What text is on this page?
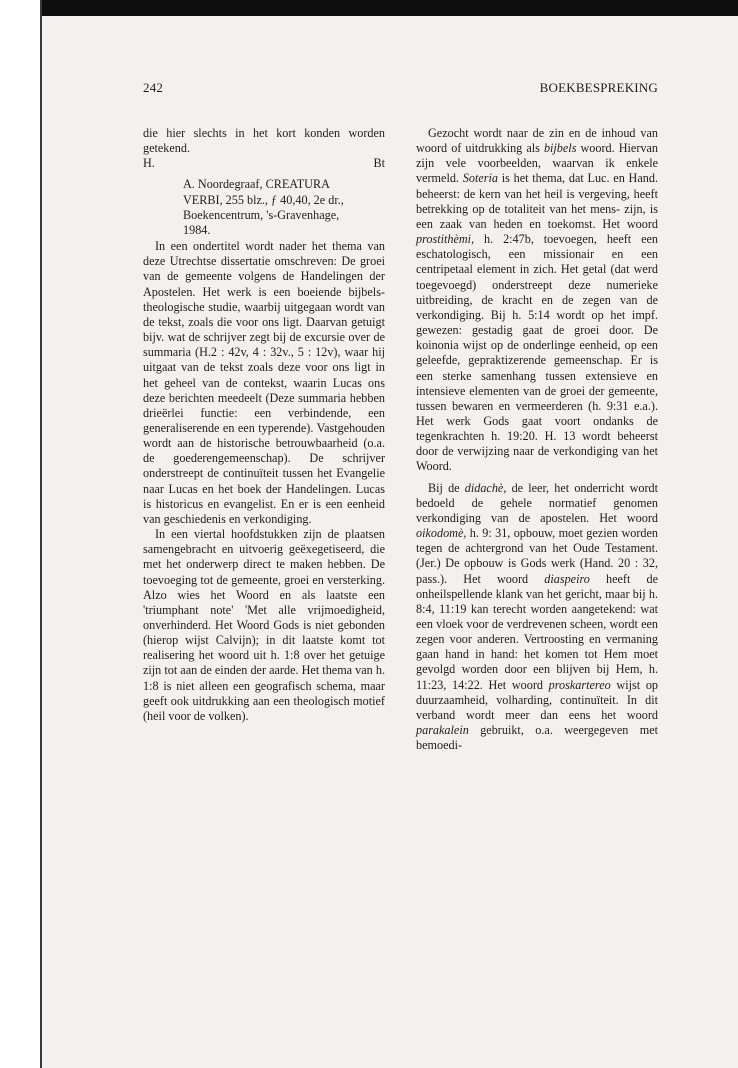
242	BOEKBESPREKING

die hier slechts in het kort konden worden getekend.

H.	Bt
A. Noordegraaf, CREATURA
VERBI, 255 blz., ƒ 40,40, 2e dr.,
Boekencentrum, 's-Gravenhage,
1984.

In een ondertitel wordt nader het thema van deze Utrechtse dissertatie omschreven: De groei van de gemeente volgens de Handelingen der Apostelen. Het werk is een boeiende bijbels-theologische studie, waarbij uitgegaan wordt van de tekst, zoals die voor ons ligt. Daarvan getuigt bijv. wat de schrijver zegt bij de excursie over de summaria (H.2 : 42v, 4 : 32v., 5 : 12v), waar hij uitgaat van de tekst zoals deze voor ons ligt in het geheel van de contekst, waarin Lucas ons deze berichten meedeelt (Deze summaria hebben drieërlei functie: een verbindende, een generaliserende en een typerende). Vastgehouden wordt aan de historische betrouwbaarheid (o.a. de goederengemeenschap). De schrijver onderstreept de continuïteit tussen het Evangelie naar Lucas en het boek der Handelingen. Lucas is historicus en evangelist. En er is een eenheid van geschiedenis en verkondiging.

In een viertal hoofdstukken zijn de plaatsen samengebracht en uitvoerig geëxegetiseerd, die met het onderwerp direct te maken hebben. De toevoeging tot de gemeente, groei en versterking. Alzo wies het Woord en als laatste een 'triumphant note' 'Met alle vrijmoedigheid, onverhinderd. Het Woord Gods is niet gebonden (hierop wijst Calvijn); in dit laatste komt tot realisering het woord uit h. 1:8 over het getuige zijn tot aan de einden der aarde. Het thema van h. 1:8 is niet alleen een geografisch schema, maar geeft ook uitdrukking aan een theologisch motief (heil voor de volken).

Gezocht wordt naar de zin en de inhoud van woord of uitdrukking als bijbels woord. Hiervan zijn vele voorbeelden, waarvan ik enkele vermeld. Soteria is het thema, dat Luc. en Hand. beheerst: de kern van het heil is vergeving, heeft betrekking op de totaliteit van het mens- zijn, is een zaak van heden en toekomst. Het woord prostithèmi, h. 2:47b, toevoegen, heeft een eschatologisch, een missionair en een centripetaal element in zich. Het getal (dat werd toegevoegd) onderstreept deze numerieke uitbreiding, de kracht en de zegen van de verkondiging. Bij h. 5:14 wordt op het impf. gewezen: gestadig gaat de groei door. De koinonia wijst op de onderlinge eenheid, op een geleefde, gepraktizerende gemeenschap. Er is een sterke samenhang tussen extensieve en intensieve elementen van de groei der gemeente, tussen bewaren en vermeerderen (h. 9:31 e.a.). Het werk Gods gaat voort ondanks de tegenkrachten h. 19:20. H. 13 wordt beheerst door de verwijzing naar de verkondiging van het Woord.

Bij de didachè, de leer, het onderricht wordt bedoeld de gehele normatief genomen verkondiging van de apostelen. Het woord oikodomè, h. 9: 31, opbouw, moet gezien worden tegen de achtergrond van het Oude Testament. (Jer.) De opbouw is Gods werk (Hand. 20 : 32, pass.). Het woord diaspeiro heeft de onheilspellende klank van het gericht, maar bij h. 8:4, 11:19 kan terecht worden aangetekend: wat een vloek voor de verdrevenen scheen, wordt een zegen voor anderen. Vertroosting en vermaning gaan hand in hand: het komen tot Hem moet gevolgd worden door een blijven bij Hem, h. 11:23, 14:22. Het woord proskartereo wijst op duurzaamheid, volharding, continuïteit. In dit verband wordt meer dan eens het woord parakalein gebruikt, o.a. weergegeven met bemoedi-
